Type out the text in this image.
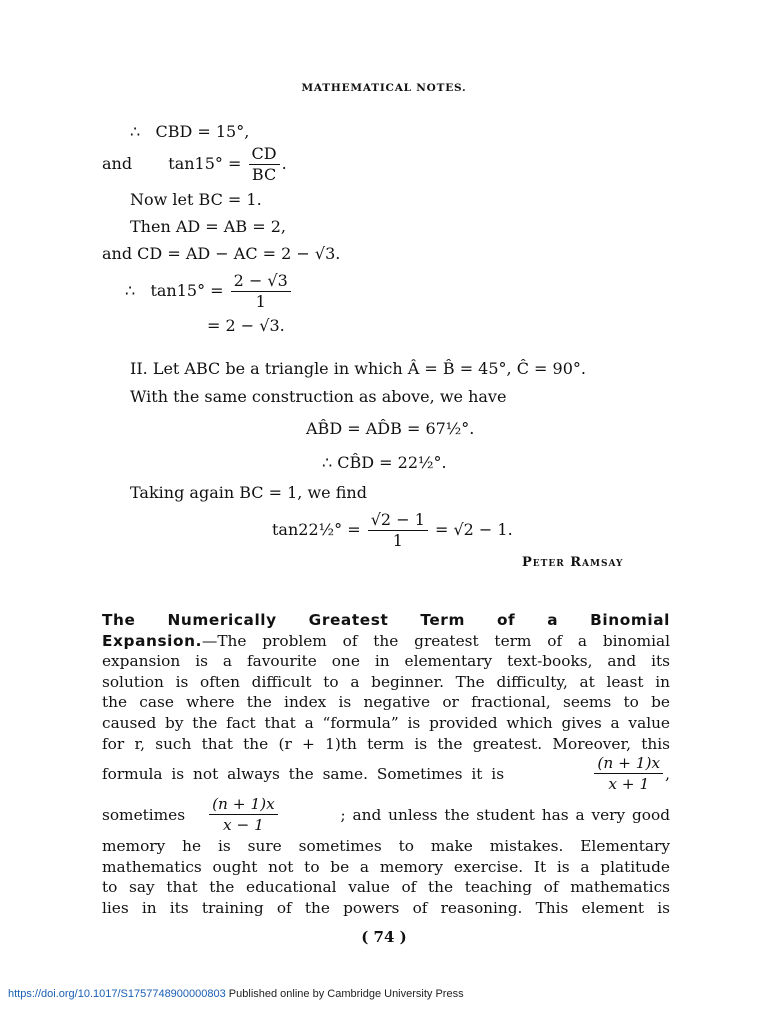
MATHEMATICAL NOTES.
∴ CBD = 15°,
and $\tan 15^\circ = \frac{CD}{BC}$ .
Now let BC = 1.
Then AD = AB = 2,
and CD = AD − AC = 2 − √3.
∴ $\tan 15^\circ = \frac{2 - √3}{1}$
= 2 − √3.
II. Let ABC be a triangle in which Â = B̂ = 45°, Ĉ = 90°.
With the same construction as above, we have
AB̂D = AD̂B = 67½°.
∴ CB̂D = 22½°.
Taking again BC = 1, we find
tan22½° = $\frac{√2 - 1}{1} = √2 - 1$.
Peter Ramsay
The Numerically Greatest Term of a Binomial
Expansion.—The problem of the greatest term of a binomial
expansion is a favourite one in elementary text-books, and its
solution is often difficult to a beginner. The difficulty, at least in
the case where the index is negative or fractional, seems to be
caused by the fact that a “formula” is provided which gives a value
for r, such that the (r + 1)th term is the greatest. Moreover, this
formula is not always the same. Sometimes it is	$\frac{(n + 1)x}{x + 1}$ ,
sometimes $\frac{(n + 1)x}{x - 1}$	; and unless the student has a very good
memory he is sure sometimes to make mistakes. Elementary
mathematics ought not to be a memory exercise. It is a platitude
to say that the educational value of the teaching of mathematics
lies in its training of the powers of reasoning. This element is
( 74 )
https://doi.org/10.1017/S1757748900000803 Published online by Cambridge University Press
